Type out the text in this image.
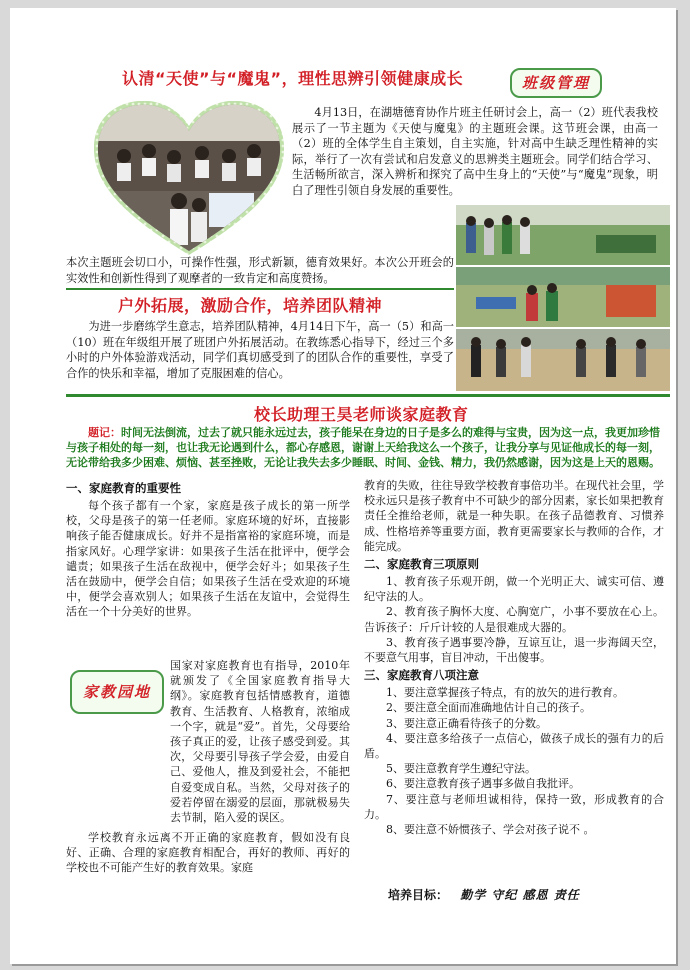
认清“天使”与“魔鬼”，理性思辨引领健康成长	班级管理

4月13日，在湖塘德育协作片班主任研讨会上，高一（2）班代表我校展示了一节主题为《天使与魔鬼》的主题班会课。这节班会课，由高一（2）班的全体学生自主策划，自主实施，针对高中生缺乏理性精神的实际，举行了一次有尝试和启发意义的思辨类主题班会。同学们结合学习、生活畅所欲言，深入辨析和探究了高中生身上的“天使”与“魔鬼”现象，明白了理性引领自身发展的重要性。

本次主题班会切口小，可操作性强，形式新颖，德育效果好。本次公开班会的实效性和创新性得到了观摩者的一致肯定和高度赞扬。

户外拓展，激励合作，培养团队精神

为进一步磨练学生意志，培养团队精神，4月14日下午，高一（5）和高一（10）班在年级组开展了班团户外拓展活动。在教练悉心指导下，经过三个多小时的户外体验游戏活动，同学们真切感受到了的团队合作的重要性，享受了合作的快乐和幸福，增加了克服困难的信心。

校长助理王昊老师谈家庭教育

题记：时间无法倒流，过去了就只能永远过去，孩子能呆在身边的日子是多么的难得与宝贵，因为这一点，我更加珍惜与孩子相处的每一刻，也让我无论遇到什么，都心存感恩，谢谢上天给我这么一个孩子，让我分享与见证他成长的每一刻，无论带给我多少困难、烦恼、甚至挫败，无论让我失去多少睡眠、时间、金钱、精力，我仍然感谢，因为这是上天的恩赐。

一、家庭教育的重要性

每个孩子都有一个家，家庭是孩子成长的第一所学校，父母是孩子的第一任老师。家庭环境的好坏，直接影响孩子能否健康成长。好并不是指富裕的家庭环境，而是指家风好。心理学家讲：如果孩子生活在批评中，便学会谴责；如果孩子生活在敌视中，便学会好斗；如果孩子生活在鼓励中，便学会自信；如果孩子生活在受欢迎的环境中，便学会喜欢别人；如果孩子生活在友谊中，会觉得生活在一个十分美好的世界。

家教园地

国家对家庭教育也有指导，2010年就颁发了《全国家庭教育指导大纲》。家庭教育包括情感教育，道德教育、生活教育、人格教育，浓缩成一个字，就是“爱”。首先，父母要给孩子真正的爱，让孩子感受到爱。其次，父母要引导孩子学会爱，由爱自己、爱他人，推及到爱社会，不能把自爱变成自私。当然，父母对孩子的爱若停留在溺爱的层面，那就极易失去节制，陷入爱的误区。

学校教育永远离不开正确的家庭教育，假如没有良好、正确、合理的家庭教育相配合，再好的教师、再好的学校也不可能产生好的教育效果。家庭

教育的失败，往往导致学校教育事倍功半。在现代社会里，学校永远只是孩子教育中不可缺少的部分因素，家长如果把教育责任全推给老师，就是一种失职。在孩子品德教育、习惯养成、性格培养等重要方面，教育更需要家长与教师的合作，才能完成。

二、家庭教育三项原则

1、教育孩子乐观开朗，做一个光明正大、诚实可信、遵纪守法的人。

2、教育孩子胸怀大度、心胸宽广，小事不要放在心上。告诉孩子：斤斤计较的人是很难成大器的。

3、教育孩子遇事要冷静，互谅互让，退一步海阔天空，不要意气用事，盲目冲动，干出傻事。

三、家庭教育八项注意

1、要注意掌握孩子特点，有的放矢的进行教育。

2、要注意全面而准确地估计自己的孩子。

3、要注意正确看待孩子的分数。

4、要注意多给孩子一点信心，做孩子成长的强有力的后盾。

5、要注意教育学生遵纪守法。

6、要注意教育孩子遇事多做自我批评。

7、要注意与老师坦诚相待，保持一致，形成教育的合力。

8、要注意不娇惯孩子、学会对孩子说不 。

培养目标： 勤学 守纪 感恩 责任
